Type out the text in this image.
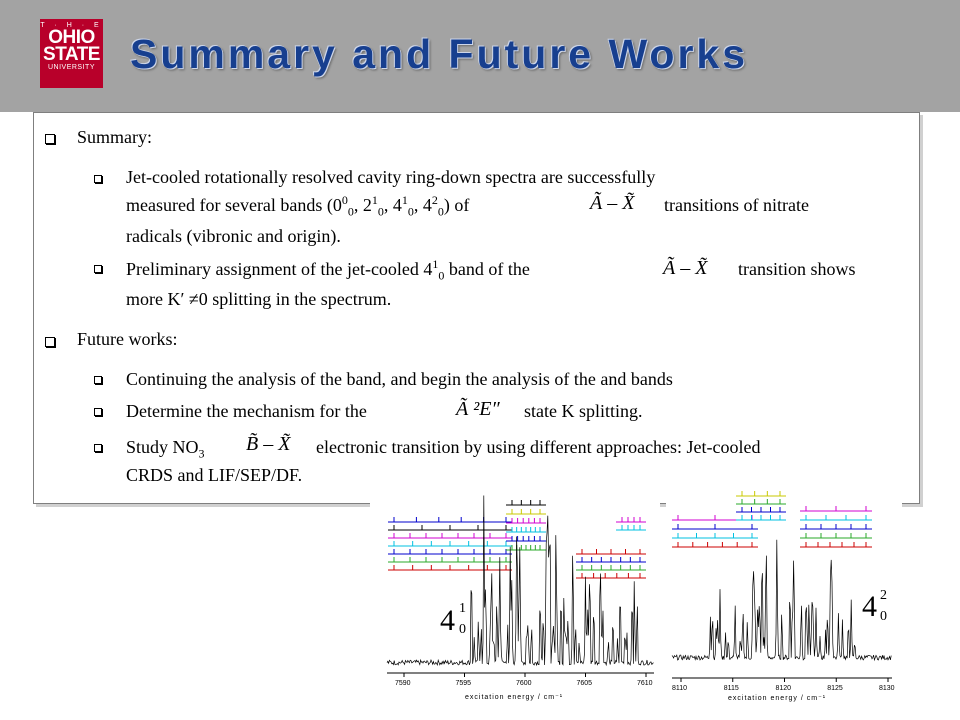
T · H · E
OHIO
STATE
UNIVERSITY Summary and Future Works
Summary:
Jet-cooled rotationally resolved cavity ring-down spectra are successfully
measured for several bands ($0^0_0$, $2^1_0$, $4^1_0$, $4^2_0$) of	Ã – X̃ transitions of nitrate
radicals (vibronic and origin).
Preliminary assignment of the jet-cooled $4^1_0$ band of the	Ã – X̃ transition shows
more K′ ≠0 splitting in the spectrum.
Future works:
Continuing the analysis of the band, and begin the analysis of the and bands
Determine the mechanism for the	Ã ²E″ state K splitting.
Study $NO_3$ B̃ – X̃ electronic transition by using different approaches: Jet-cooled
CRDS and LIF/SEP/DF.
7590	7595	7600	7605	7610
4 1
0
excitation energy / cm⁻¹
8110	8115	8120	8125	8130
4 2
0
excitation energy / cm⁻¹
